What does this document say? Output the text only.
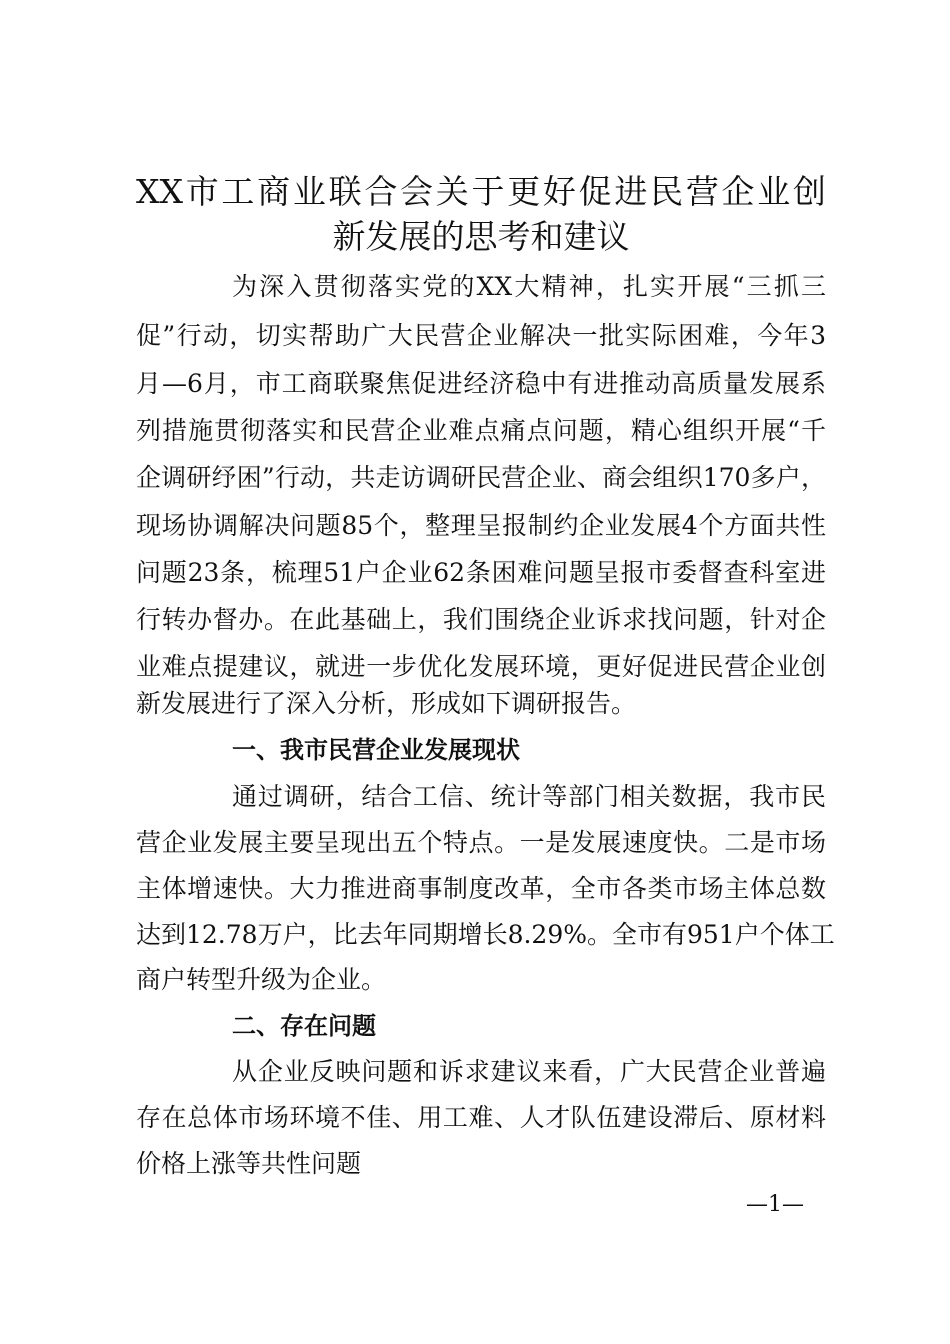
XX市工商业联合会关于更好促进民营企业创
新发展的思考和建议
为深入贯彻落实党的XX大精神，扎实开展“三抓三
促”行动，切实帮助广大民营企业解决一批实际困难，今年3
月—6月，市工商联聚焦促进经济稳中有进推动高质量发展系
列措施贯彻落实和民营企业难点痛点问题，精心组织开展“千
企调研纾困”行动，共走访调研民营企业、商会组织170多户，
现场协调解决问题85个，整理呈报制约企业发展4个方面共性
问题23条，梳理51户企业62条困难问题呈报市委督查科室进
行转办督办。在此基础上，我们围绕企业诉求找问题，针对企
业难点提建议，就进一步优化发展环境，更好促进民营企业创
新发展进行了深入分析，形成如下调研报告。
一、我市民营企业发展现状
通过调研，结合工信、统计等部门相关数据，我市民
营企业发展主要呈现出五个特点。一是发展速度快。二是市场
主体增速快。大力推进商事制度改革，全市各类市场主体总数
达到12.78万户，比去年同期增长8.29%。全市有951户个体工
商户转型升级为企业。
二、存在问题
从企业反映问题和诉求建议来看，广大民营企业普遍
存在总体市场环境不佳、用工难、人才队伍建设滞后、原材料
价格上涨等共性问题
—1—
